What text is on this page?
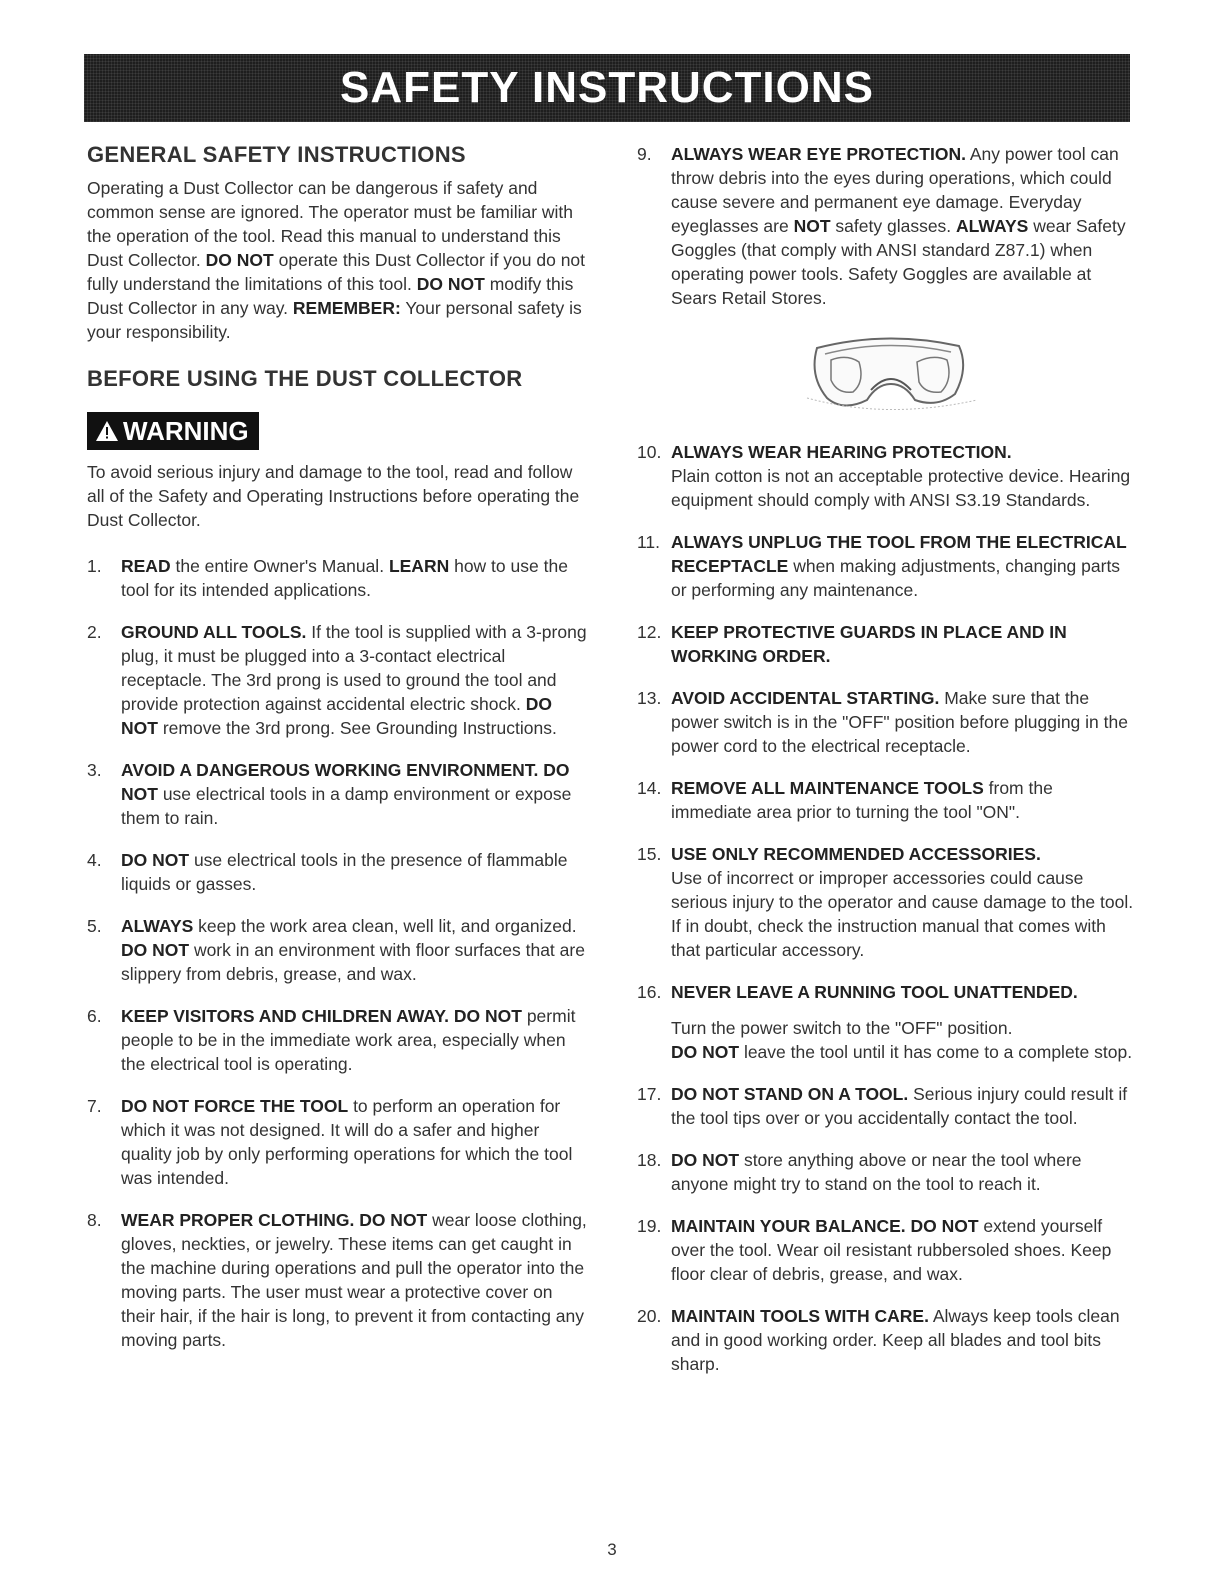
SAFETY INSTRUCTIONS
GENERAL SAFETY INSTRUCTIONS

Operating a Dust Collector can be dangerous if safety and common sense are ignored. The operator must be familiar with the operation of the tool. Read this manual to understand this Dust Collector. DO NOT operate this Dust Collector if you do not fully understand the limitations of this tool. DO NOT modify this Dust Collector in any way. REMEMBER: Your personal safety is your responsibility.

BEFORE USING THE DUST COLLECTOR
WARNING

To avoid serious injury and damage to the tool, read and follow all of the Safety and Operating Instructions before operating the Dust Collector.

1.	READ the entire Owner's Manual. LEARN how to use the tool for its intended applications.
2.	GROUND ALL TOOLS. If the tool is supplied with a 3-prong plug, it must be plugged into a 3-contact electrical receptacle. The 3rd prong is used to ground the tool and provide protection against accidental electric shock. DO NOT remove the 3rd prong. See Grounding Instructions.
3.	AVOID A DANGEROUS WORKING ENVIRONMENT. DO NOT use electrical tools in a damp environment or expose them to rain.
4.	DO NOT use electrical tools in the presence of flammable liquids or gasses.
5.	ALWAYS keep the work area clean, well lit, and organized. DO NOT work in an environment with floor surfaces that are slippery from debris, grease, and wax.
6.	KEEP VISITORS AND CHILDREN AWAY. DO NOT permit people to be in the immediate work area, especially when the electrical tool is operating.
7.	DO NOT FORCE THE TOOL to perform an operation for which it was not designed. It will do a safer and higher quality job by only performing operations for which the tool was intended.
8.	WEAR PROPER CLOTHING. DO NOT wear loose clothing, gloves, neckties, or jewelry. These items can get caught in the machine during operations and pull the operator into the moving parts. The user must wear a protective cover on their hair, if the hair is long, to prevent it from contacting any moving parts.
9.	ALWAYS WEAR EYE PROTECTION. Any power tool can throw debris into the eyes during operations, which could cause severe and permanent eye damage. Everyday eyeglasses are NOT safety glasses. ALWAYS wear Safety Goggles (that comply with ANSI standard Z87.1) when operating power tools. Safety Goggles are available at Sears Retail Stores.
10. ALWAYS WEAR HEARING PROTECTION.
Plain cotton is not an acceptable protective device. Hearing equipment should comply with ANSI S3.19 Standards.
11. ALWAYS UNPLUG THE TOOL FROM THE ELECTRICAL RECEPTACLE when making adjustments, changing parts or performing any maintenance.
12. KEEP PROTECTIVE GUARDS IN PLACE AND IN WORKING ORDER.
13. AVOID ACCIDENTAL STARTING. Make sure that the power switch is in the "OFF" position before plugging in the power cord to the electrical receptacle.
14. REMOVE ALL MAINTENANCE TOOLS from the immediate area prior to turning the tool "ON".
15. USE ONLY RECOMMENDED ACCESSORIES.
Use of incorrect or improper accessories could cause serious injury to the operator and cause damage to the tool. If in doubt, check the instruction manual that comes with that particular accessory.
16. NEVER LEAVE A RUNNING TOOL UNATTENDED.

Turn the power switch to the "OFF" position.

DO NOT leave the tool until it has come to a complete stop.
17. DO NOT STAND ON A TOOL. Serious injury could result if the tool tips over or you accidentally contact the tool.
18. DO NOT store anything above or near the tool where anyone might try to stand on the tool to reach it.
19. MAINTAIN YOUR BALANCE. DO NOT extend yourself over the tool. Wear oil resistant rubbersoled shoes. Keep floor clear of debris, grease, and wax.
20. MAINTAIN TOOLS WITH CARE. Always keep tools clean and in good working order. Keep all blades and tool bits sharp.
3
